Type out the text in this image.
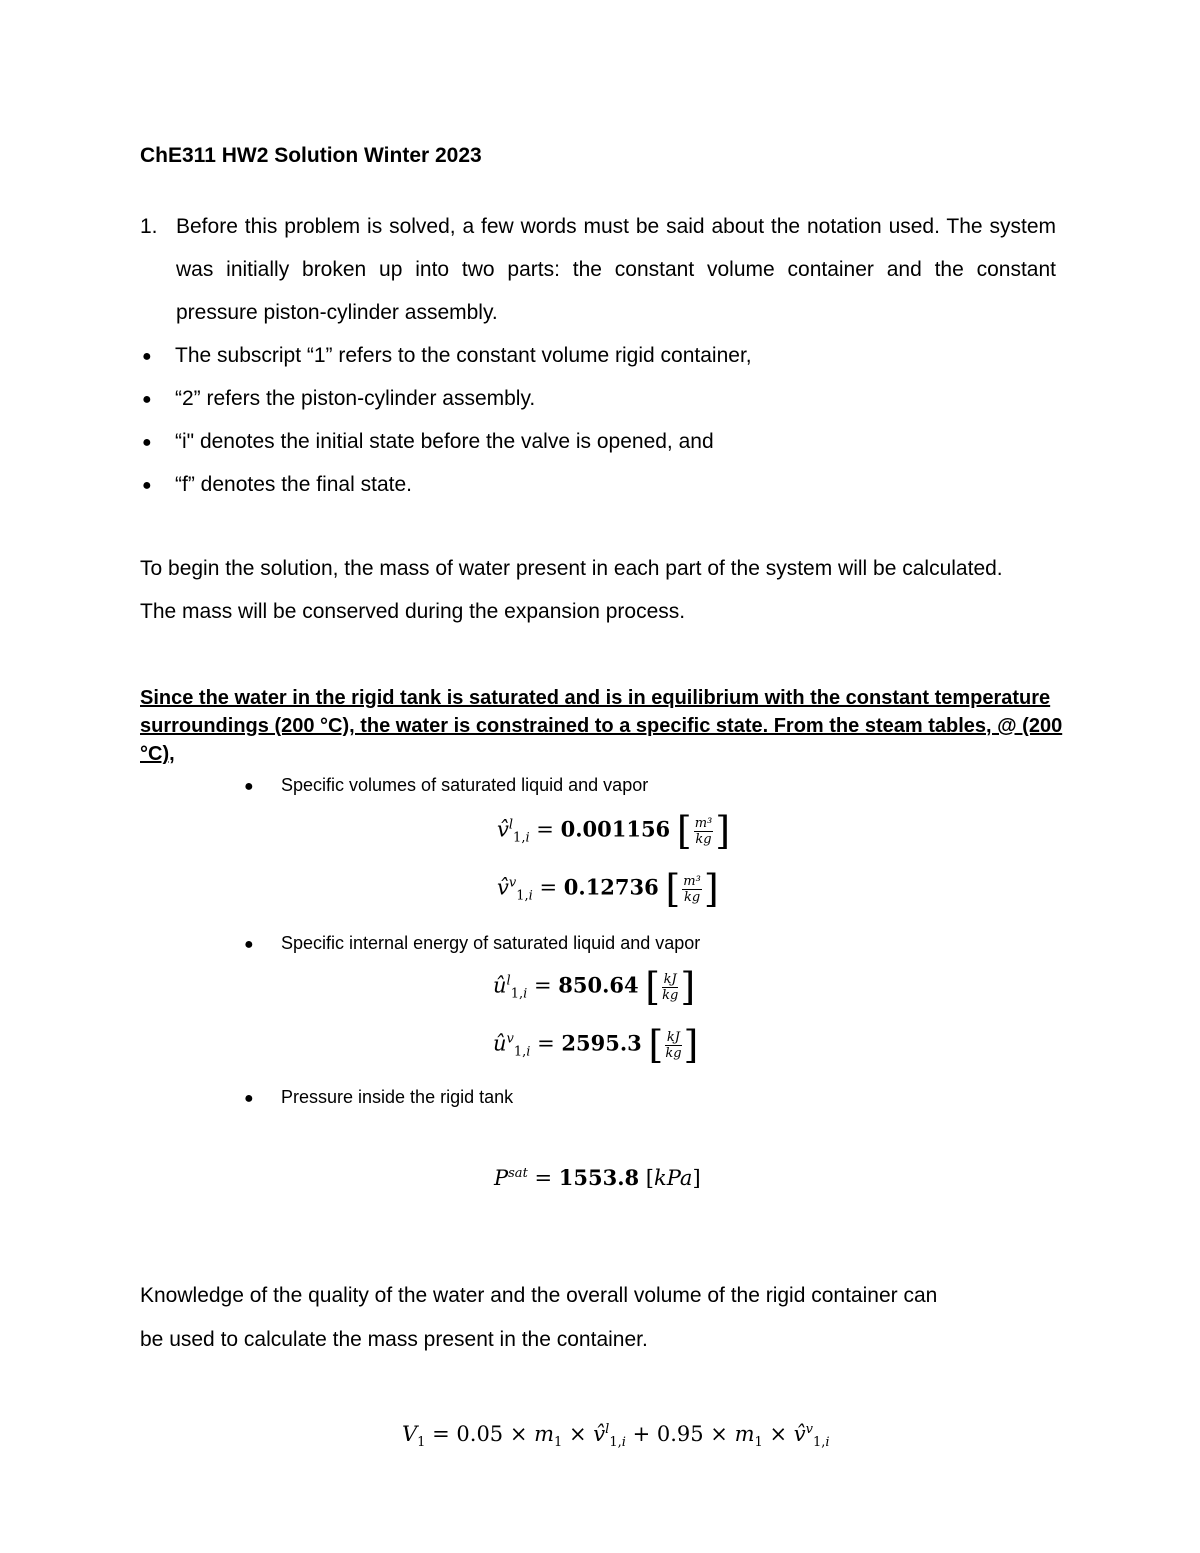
ChE311 HW2 Solution Winter 2023
1. Before this problem is solved, a few words must be said about the notation used. The system
was initially broken up into two parts: the constant volume container and the constant
pressure piston-cylinder assembly.
● The subscript “1” refers to the constant volume rigid container,
● “2” refers the piston-cylinder assembly.
● “i" denotes the initial state before the valve is opened, and
● “f” denotes the final state.
To begin the solution, the mass of water present in each part of the system will be calculated.
The mass will be conserved during the expansion process.
Since the water in the rigid tank is saturated and is in equilibrium with the constant temperature
surroundings (200 °C), the water is constrained to a specific state. From the steam tables, @ (200
°C),
● Specific volumes of saturated liquid and vapor
v̂$^l_{1,i}$ = 0.001156 [ $\frac{\text{m³}}{kg}$ ]
v̂$^v_{1,i}$ = 0.12736 [ $\frac{\text{m³}}{kg}$ ]
● Specific internal energy of saturated liquid and vapor
û$^l_{1,i}$ = 850.64 [ $\frac{kJ}{kg}$ ]
û$^v_{1,i}$ = 2595.3 [ $\frac{kJ}{kg}$ ]
● Pressure inside the rigid tank
$P^{sat} = 1553.8$ [kPa]
Knowledge of the quality of the water and the overall volume of the rigid container can
be used to calculate the mass present in the container.
$V_1 = 0.05 \times m_1$ × v̂$^l_{1,i}$ + $0.95 \times m_1$ × v̂$^v_{1,i}$
